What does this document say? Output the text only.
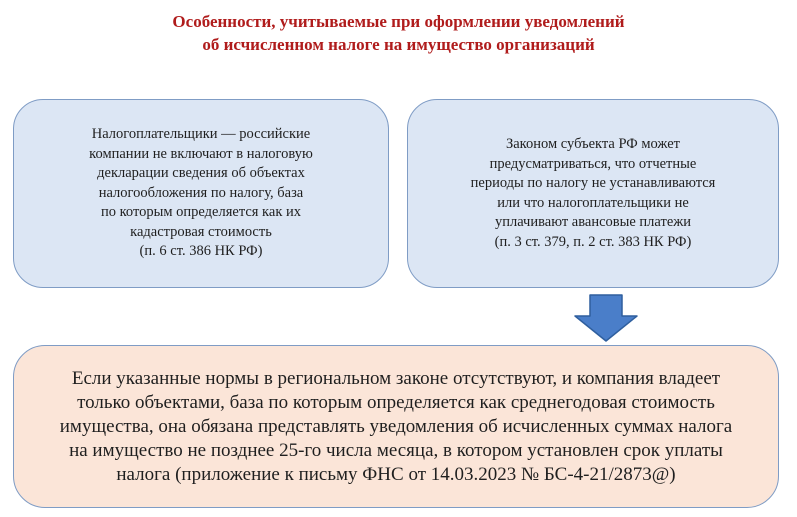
Особенности, учитываемые при оформлении уведомлений
об исчисленном налоге на имущество организаций
Налогоплательщики — российские
компании не включают в налоговую
декларации сведения об объектах
налогообложения по налогу, база
по которым определяется как их
кадастровая стоимость
(п. 6 ст. 386 НК РФ)
Законом субъекта РФ может
предусматриваться, что отчетные
периоды по налогу не устанавливаются
или что налогоплательщики не
уплачивают авансовые платежи
(п. 3 ст. 379, п. 2 ст. 383 НК РФ)
Если указанные нормы в региональном законе отсутствуют, и компания владеет
только объектами, база по которым определяется как среднегодовая стоимость
имущества, она обязана представлять уведомления об исчисленных суммах налога
на имущество не позднее 25-го числа месяца, в котором установлен срок уплаты
налога (приложение к письму ФНС от 14.03.2023 № БС-4-21/2873@)
